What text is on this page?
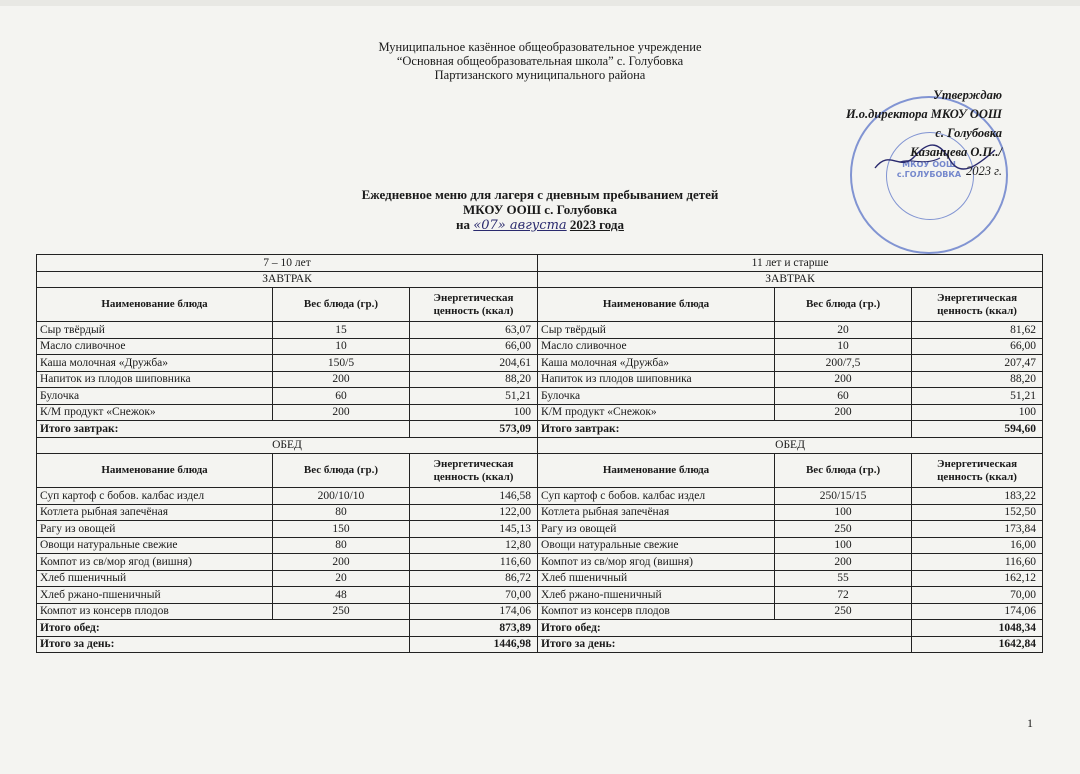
Муниципальное казённое общеобразовательное учреждение
“Основная общеобразовательная школа” с. Голубовка
Партизанского муниципального района
МКОУ ООШ с.ГОЛУБОВКА
Утверждаю
И.о.директора МКОУ ООШ
с. Голубовка
Казанцева О.П../
2023 г.
Ежедневное меню для лагеря с дневным пребыванием детей
МКОУ ООШ с. Голубовка
на «07» августа 2023 года
7 – 10 лет			11 лет и старше		
ЗАВТРАК			ЗАВТРАК		
Наименование блюда	Вес блюда (гр.)	Энергетическая ценность (ккал)	Наименование блюда	Вес блюда (гр.)	Энергетическая ценность (ккал)
Сыр твёрдый	15	63,07	Сыр твёрдый	20	81,62
Масло сливочное	10	66,00	Масло сливочное	10	66,00
Каша молочная «Дружба»	150/5	204,61	Каша молочная «Дружба»	200/7,5	207,47
Напиток из плодов шиповника	200	88,20	Напиток из плодов шиповника	200	88,20
Булочка	60	51,21	Булочка	60	51,21
К/М продукт «Снежок»	200	100	К/М продукт «Снежок»	200	100
Итого завтрак:		573,09	Итого завтрак:		594,60
ОБЕД			ОБЕД		
Наименование блюда	Вес блюда (гр.)	Энергетическая ценность (ккал)	Наименование блюда	Вес блюда (гр.)	Энергетическая ценность (ккал)
Суп картоф с бобов. калбас издел	200/10/10	146,58	Суп картоф с бобов. калбас издел	250/15/15	183,22
Котлета рыбная запечёная	80	122,00	Котлета рыбная запечёная	100	152,50
Рагу из овощей	150	145,13	Рагу из овощей	250	173,84
Овощи натуральные свежие	80	12,80	Овощи натуральные свежие	100	16,00
Компот из св/мор ягод (вишня)	200	116,60	Компот из св/мор ягод (вишня)	200	116,60
Хлеб пшеничный	20	86,72	Хлеб пшеничный	55	162,12
Хлеб ржано-пшеничный	48	70,00	Хлеб ржано-пшеничный	72	70,00
Компот из консерв плодов	250	174,06	Компот из консерв плодов	250	174,06
Итого обед:		873,89	Итого обед:		1048,34
Итого за день:		1446,98	Итого за день:		1642,84
1
